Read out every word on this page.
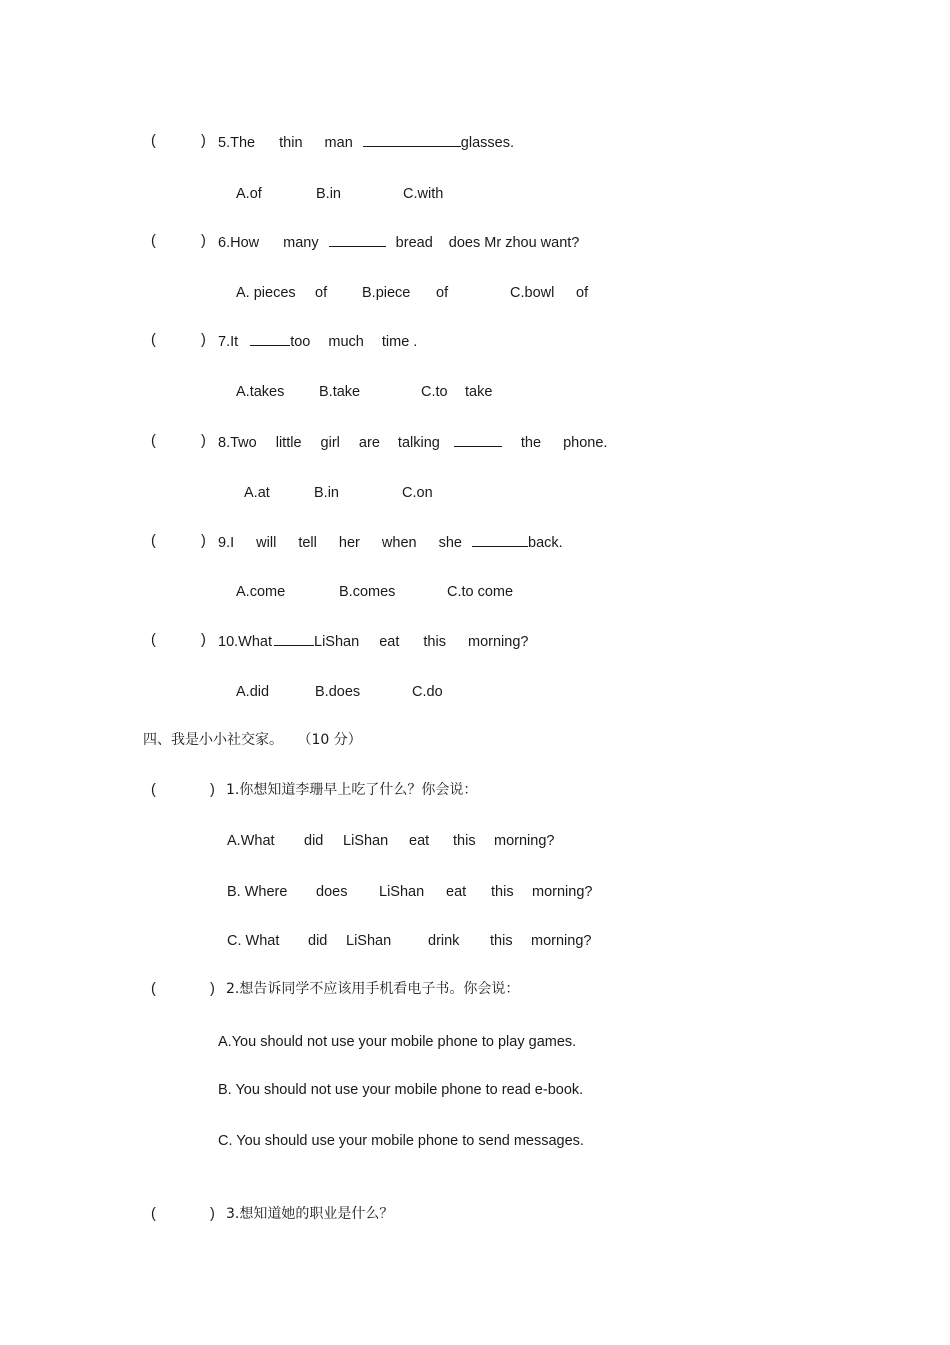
(	) 5.The thin man	glasses.
A.of	B.in	C.with
(	) 6.How many	bread does Mr zhou want?
A. pieces of B.piece of	C.bowl of
(	) 7.It	too much time .
A.takes B.take	C.to take
(	) 8.Two little girl are talking	the phone.
A.at	B.in	C.on
(	) 9.I will tell her when she	back.
A.come	B.comes	C.to come
(	) 10.What	LiShan eat this morning?
A.did	B.does	C.do
四、我是小小社交家。 （10 分）
(	) 1.你想知道李珊早上吃了什么？你会说：
A.What did LiShan eat this morning?
B. Where does LiShan eat this morning?
C. What did LiShan	drink this morning?
(	) 2.想告诉同学不应该用手机看电子书。你会说：
A.You should not use your mobile phone to play games.
B. You should not use your mobile phone to read e-book.
C. You should use your mobile phone to send messages.
(	) 3.想知道她的职业是什么？
